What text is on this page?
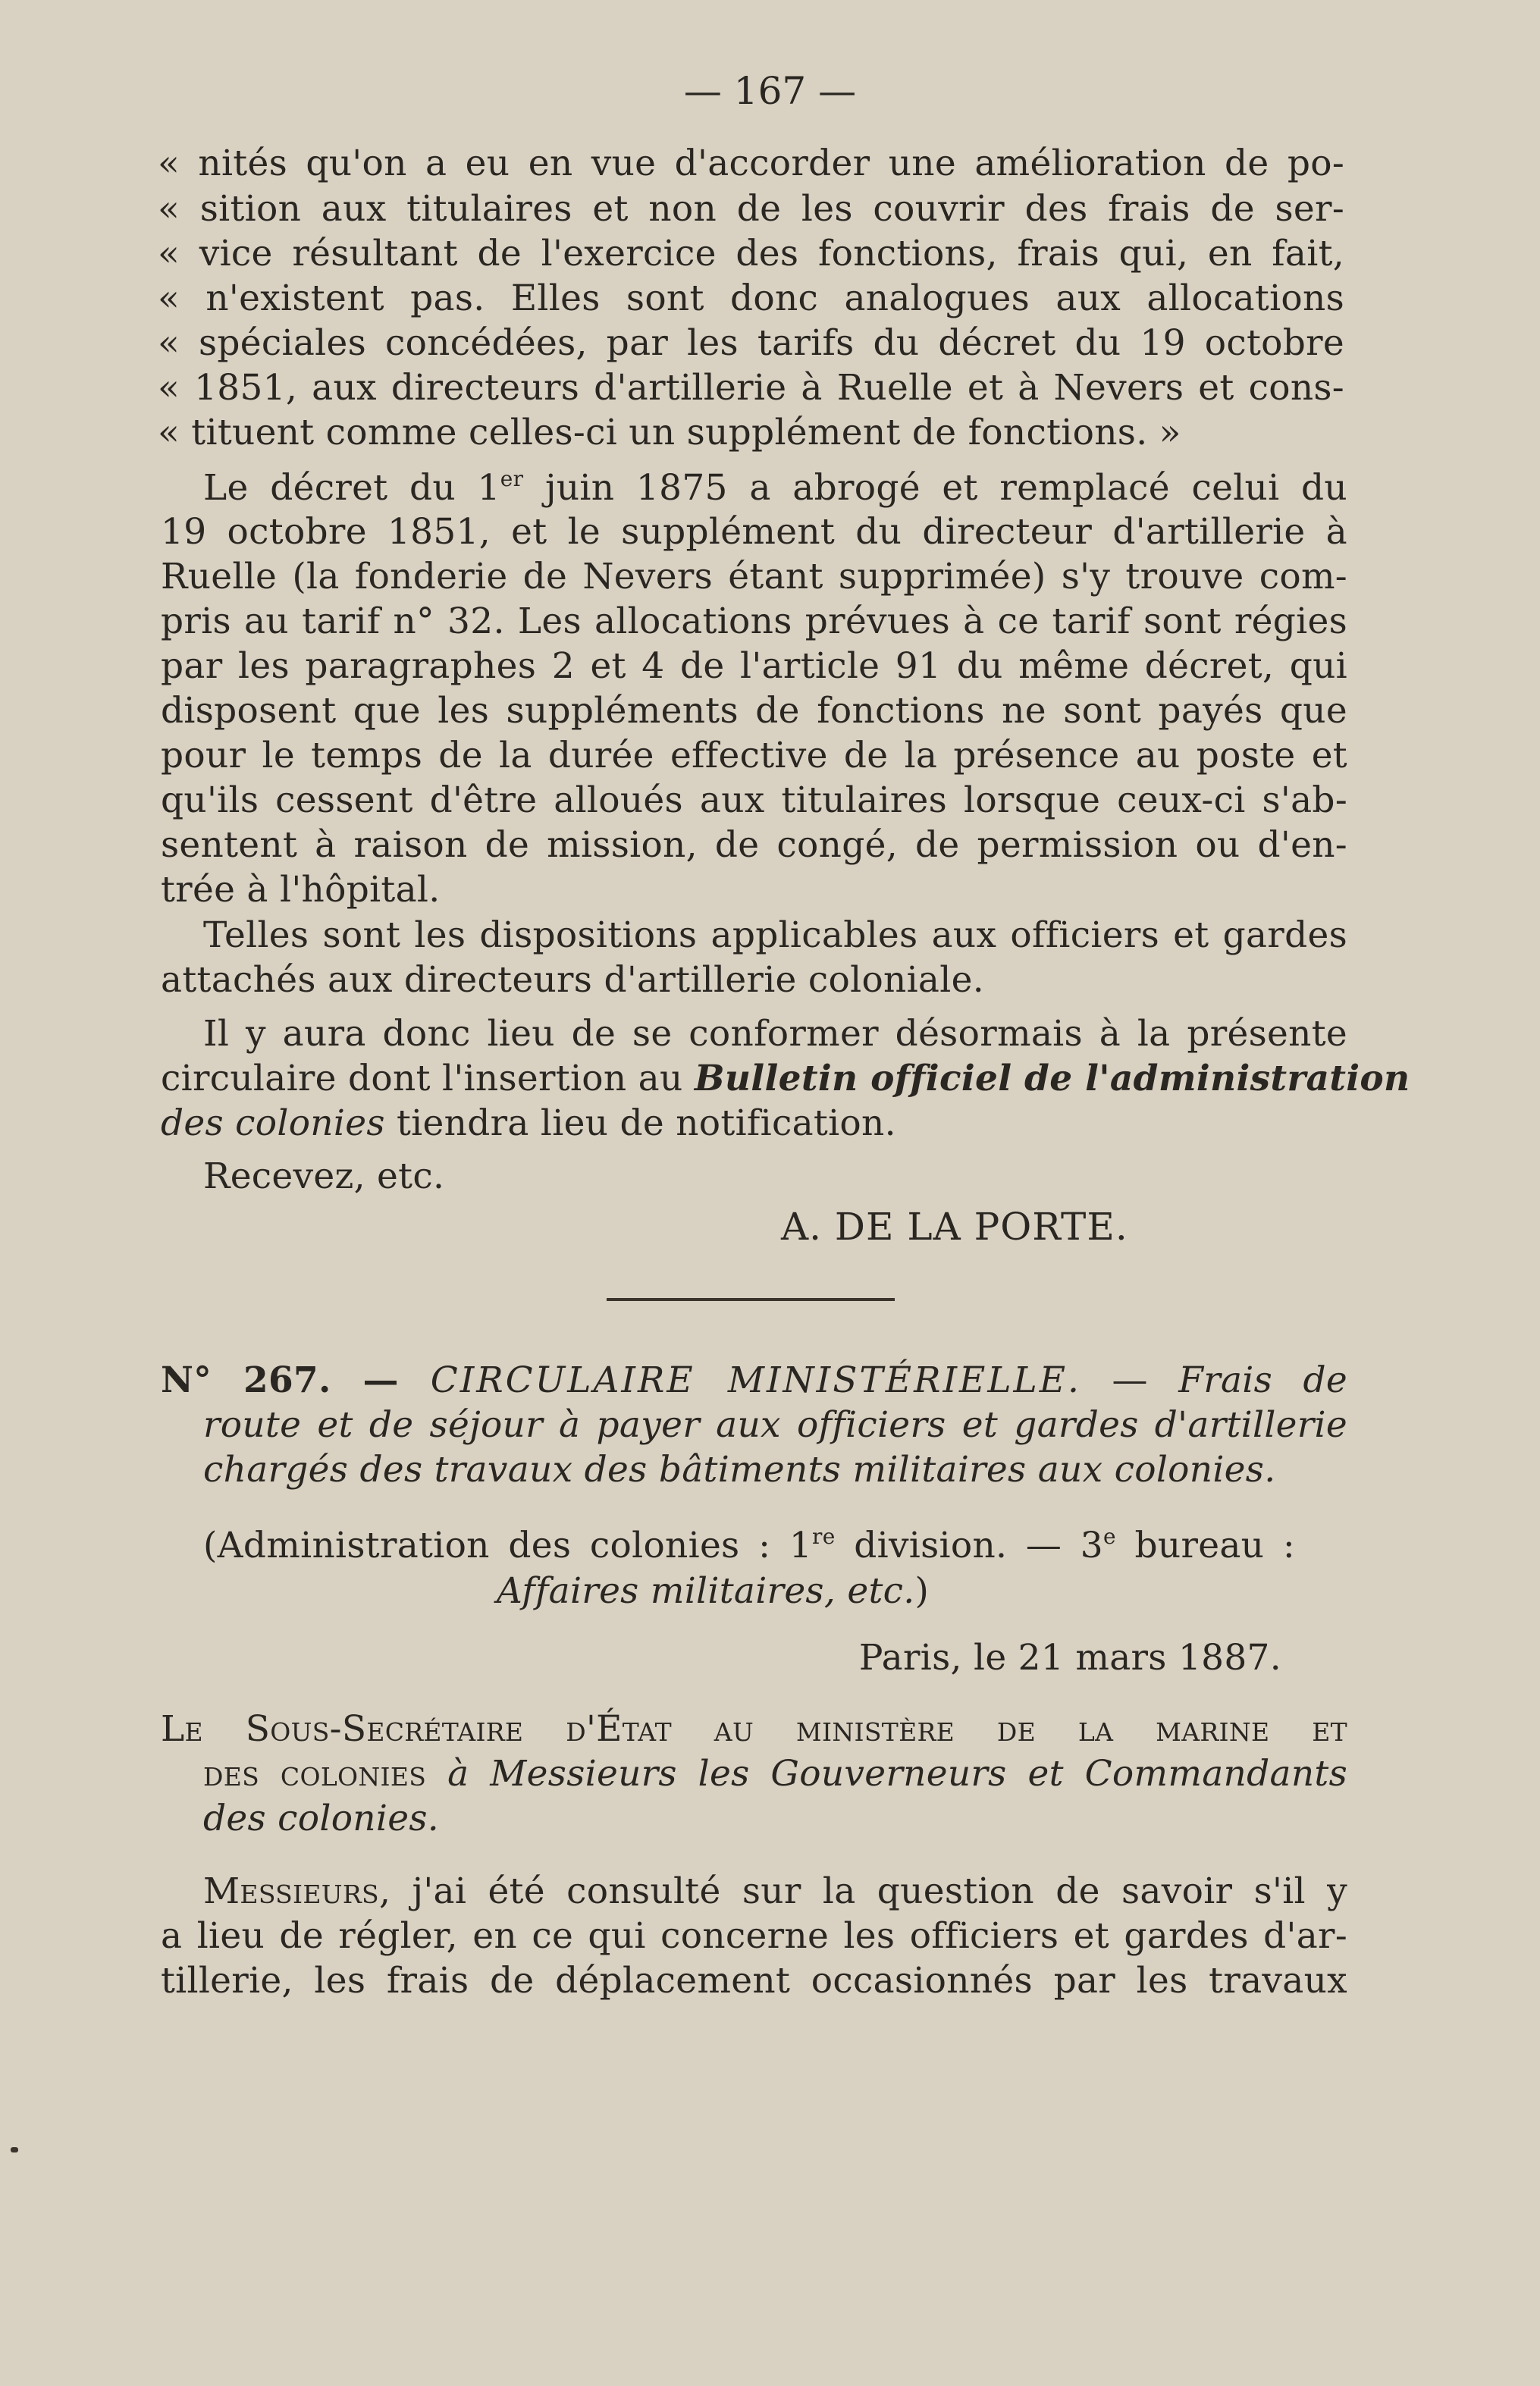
— 167 —
« nités qu'on a eu en vue d'accorder une amélioration de po-
« sition aux titulaires et non de les couvrir des frais de ser-
« vice résultant de l'exercice des fonctions, frais qui, en fait,
« n'existent pas. Elles sont donc analogues aux allocations
« spéciales concédées, par les tarifs du décret du 19 octobre
« 1851, aux directeurs d'artillerie à Ruelle et à Nevers et cons-
« tituent comme celles-ci un supplément de fonctions. »
Le décret du 1er juin 1875 a abrogé et remplacé celui du
19 octobre 1851, et le supplément du directeur d'artillerie à
Ruelle (la fonderie de Nevers étant supprimée) s'y trouve com-
pris au tarif n° 32. Les allocations prévues à ce tarif sont régies
par les paragraphes 2 et 4 de l'article 91 du même décret, qui
disposent que les suppléments de fonctions ne sont payés que
pour le temps de la durée effective de la présence au poste et
qu'ils cessent d'être alloués aux titulaires lorsque ceux-ci s'ab-
sentent à raison de mission, de congé, de permission ou d'en-
trée à l'hôpital.
Telles sont les dispositions applicables aux officiers et gardes
attachés aux directeurs d'artillerie coloniale.
Il y aura donc lieu de se conformer désormais à la présente
circulaire dont l'insertion au Bulletin officiel de l'administration
des colonies tiendra lieu de notification.
Recevez, etc.
A. DE LA PORTE.
N° 267. — CIRCULAIRE MINISTÉRIELLE. — Frais de
route et de séjour à payer aux officiers et gardes d'artillerie
chargés des travaux des bâtiments militaires aux colonies.
(Administration des colonies : 1re division. — 3e bureau :
Affaires militaires, etc.)
Paris, le 21 mars 1887.
Le Sous-Secrétaire d'État au ministère de la marine et
des colonies à Messieurs les Gouverneurs et Commandants
des colonies.
Messieurs, j'ai été consulté sur la question de savoir s'il y
a lieu de régler, en ce qui concerne les officiers et gardes d'ar-
tillerie, les frais de déplacement occasionnés par les travaux
